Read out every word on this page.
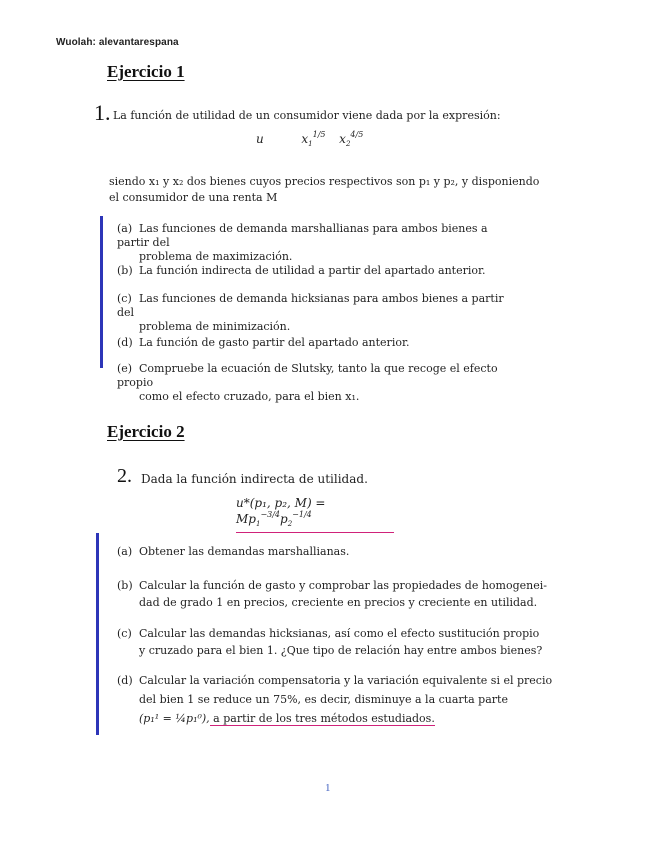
Wuolah: alevantarespana
Ejercicio 1
1. La función de utilidad de un consumidor viene dada por la expresión:
u	$x_1^{1/5}$ $x_2^{4/5}$
siendo x₁ y x₂ dos bienes cuyos precios respectivos son p₁ y p₂, y disponiendo
el consumidor de una renta M
(a) Las funciones de demanda marshallianas para ambos bienes a partir del
problema de maximización.
(b) La función indirecta de utilidad a partir del apartado anterior.
(c) Las funciones de demanda hicksianas para ambos bienes a partir del
problema de minimización.
(d) La función de gasto partir del apartado anterior.
(e) Compruebe la ecuación de Slutsky, tanto la que recoge el efecto propio
como el efecto cruzado, para el bien x₁.
Ejercicio 2
2. Dada la función indirecta de utilidad.
u*(p₁, p₂, $M) = Mp_1^{-3/4}p_2^{-1/4}$
(a) Obtener las demandas marshallianas.
(b) Calcular la función de gasto y comprobar las propiedades de homogenei-
dad de grado 1 en precios, creciente en precios y creciente en utilidad.
(c) Calcular las demandas hicksianas, así como el efecto sustitución propio
y cruzado para el bien 1. ¿Que tipo de relación hay entre ambos bienes?
(d) Calcular la variación compensatoria y la variación equivalente si el precio
del bien 1 se reduce un 75%, es decir, disminuye a la cuarta parte
(p₁¹ = ¼p₁⁰), a partir de los tres métodos estudiados.
1
